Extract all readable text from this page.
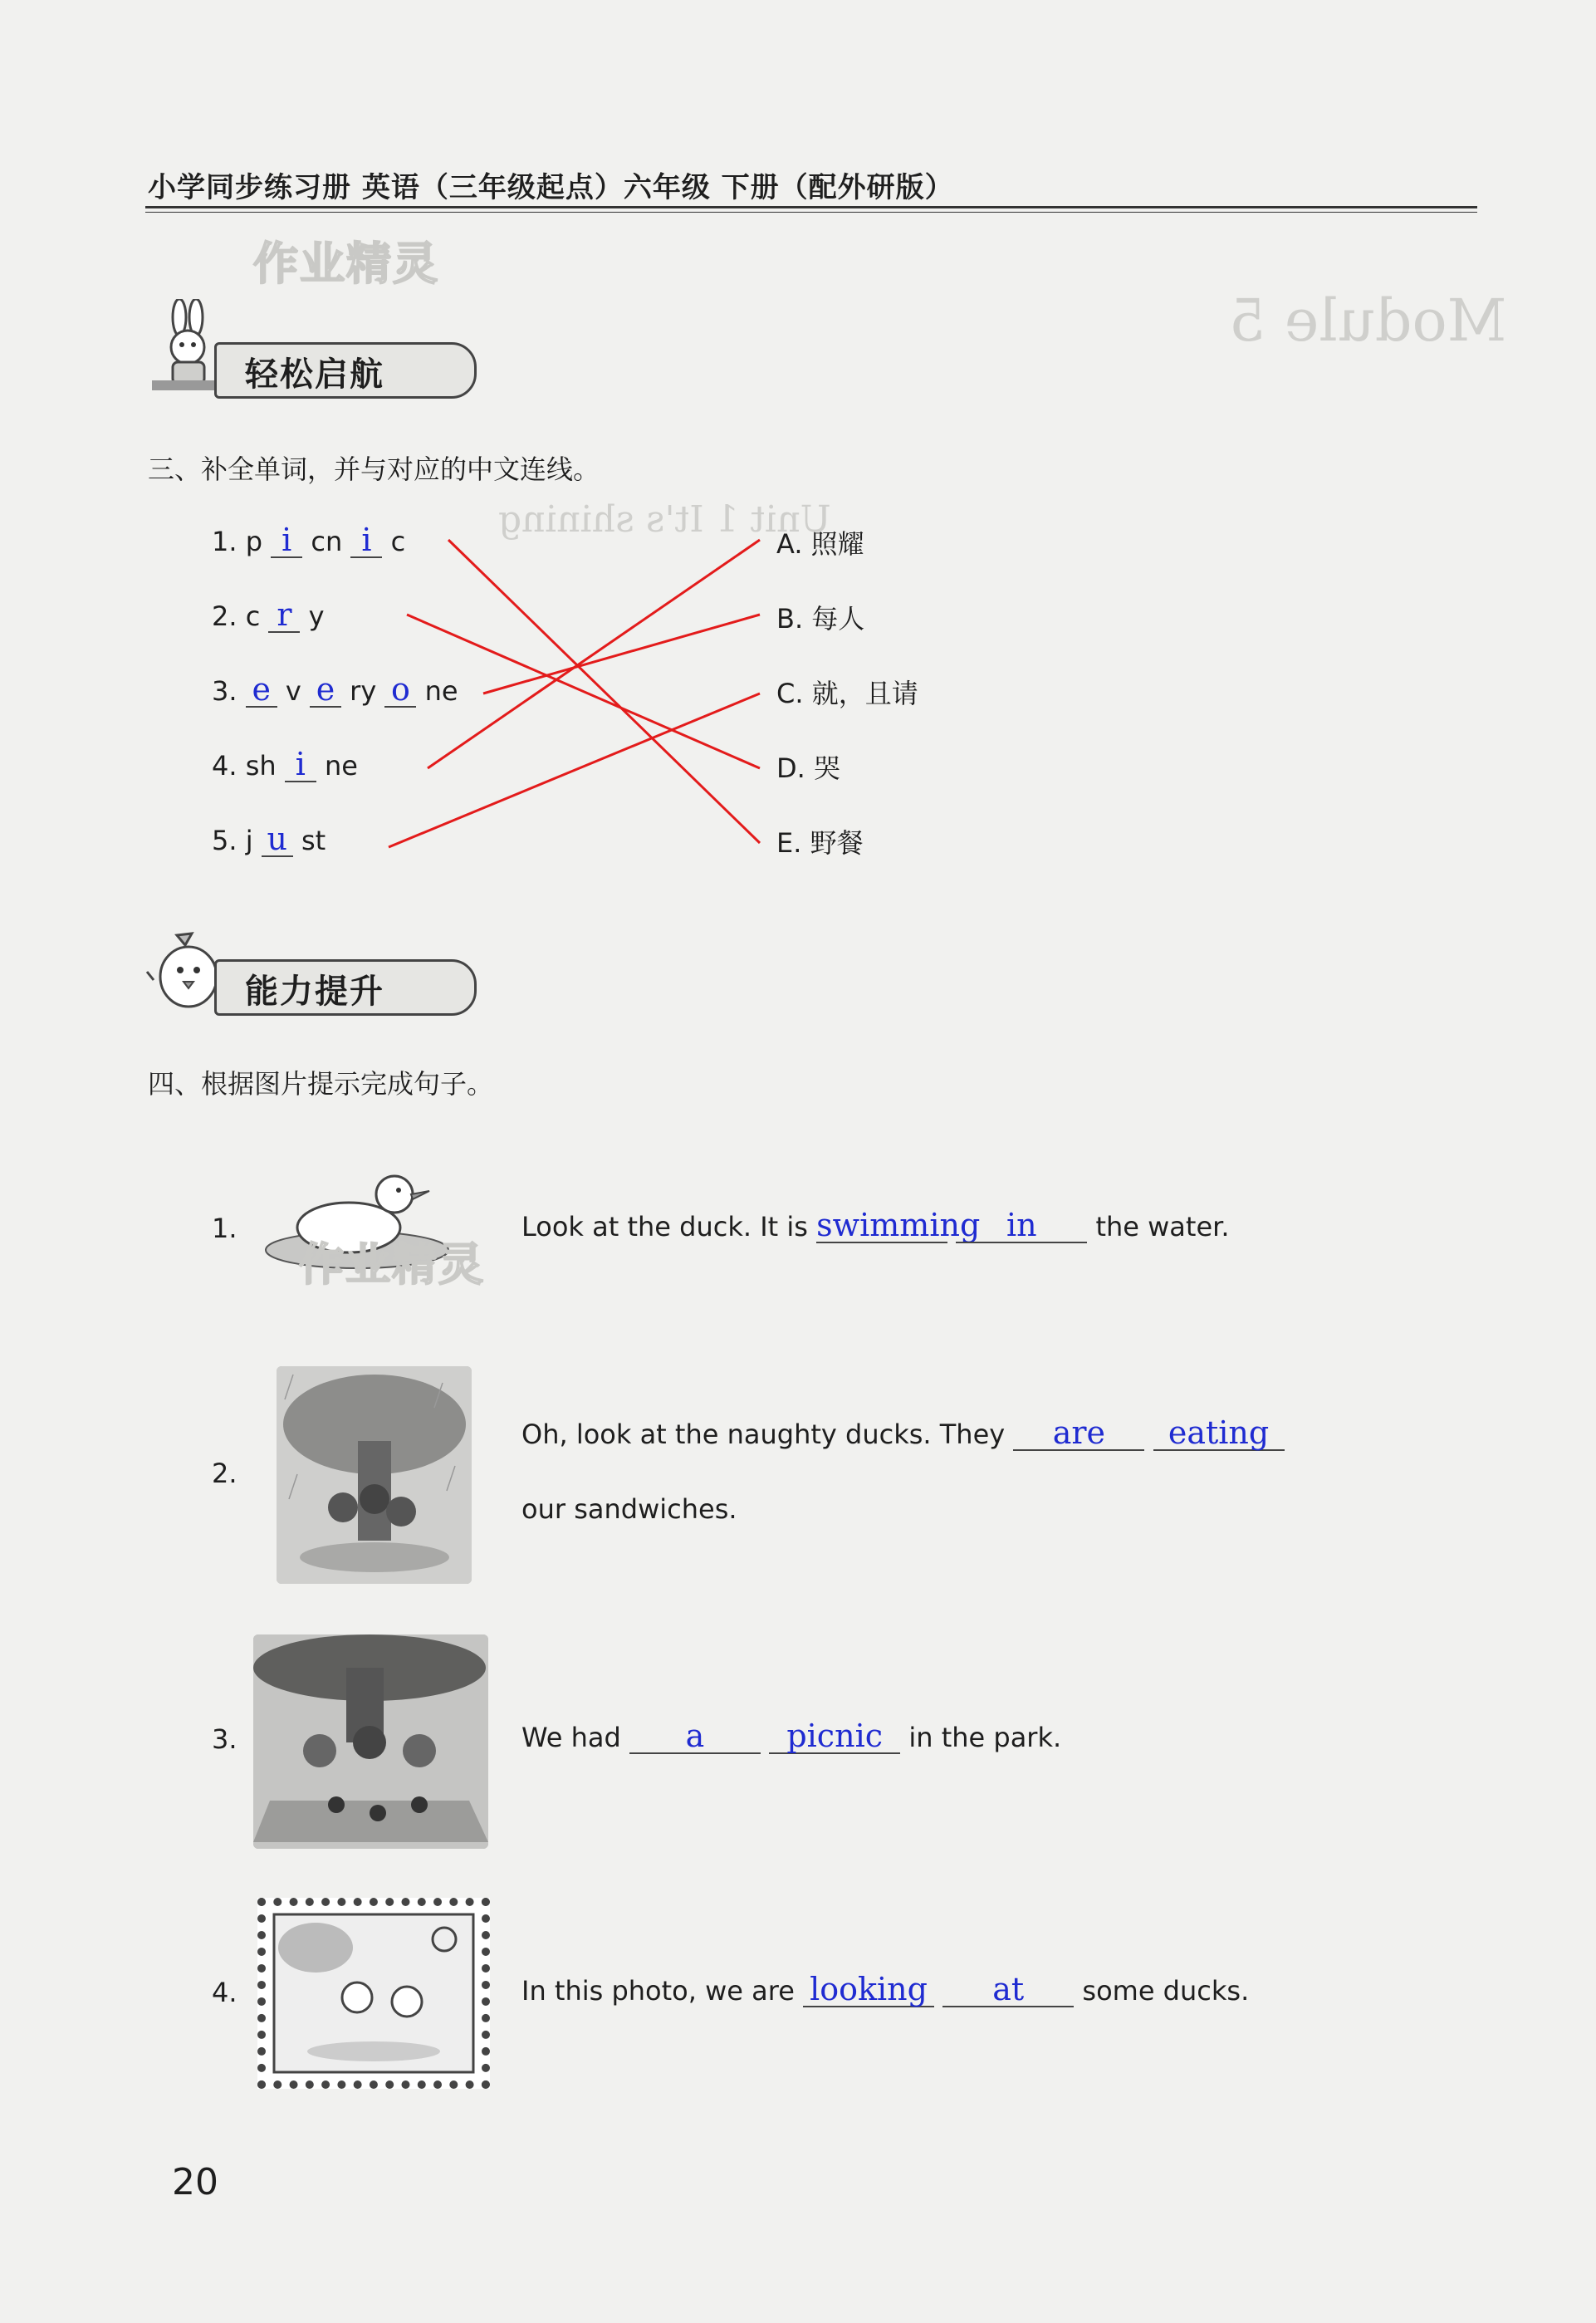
小学同步练习册 英语（三年级起点）六年级 下册（配外研版）
Module 5
Unit 1 It's shining
作业精灵
轻松启航
三、补全单词，并与对应的中文连线。
1. p i cn i c
2. c r y
3. e v e ry o ne
4. sh i ne
5. j u st
A. 照耀
B. 每人
C. 就，且请
D. 哭
E. 野餐
能力提升
四、根据图片提示完成句子。
1.
作业精灵
Look at the duck. It is swimming in the water.
2.
Oh, look at the naughty ducks. They are eating
our sandwiches.
3.	We had a	picnic in the park.
4.	In this photo, we are looking at some ducks.
20
